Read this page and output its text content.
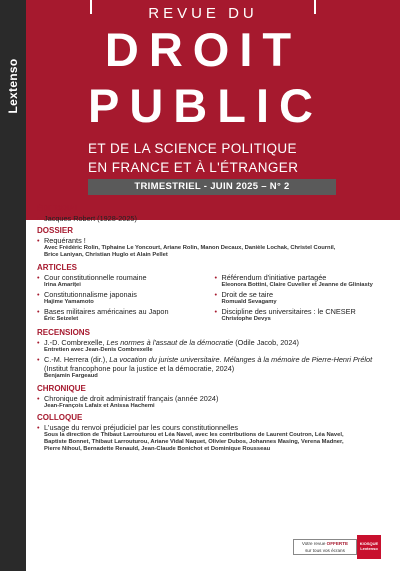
Lextenso
REVUE DU
DROIT
PUBLIC
ET DE LA SCIENCE POLITIQUE
EN FRANCE ET À L'ÉTRANGER
TRIMESTRIEL - JUIN 2025 – N° 2
ÉDITORIAL
• Jacques Robert (1928-2025)
DOSSIER
• Requérants !
Avec Frédéric Rolin, Tiphaine Le Yoncourt, Ariane Rolin, Manon Decaux, Danièle Lochak, Christel Cournil,
Brice Laniyan, Christian Huglo et Alain Pellet
ARTICLES
• Cour constitutionnelle roumaine
Irina Amariței
• Constitutionnalisme japonais
Hajime Yamamoto
• Bases militaires américaines au Japon
Éric Seizelet
• Référendum d'initiative partagée
Eleonora Bottini, Claire Cuvelier et Jeanne de Gliniasty
• Droit de se taire
Romuald Sevagamy
• Discipline des universitaires : le CNESER
Christophe Devys
RECENSIONS
• J.-D. Combrexelle, Les normes à l'assaut de la démocratie (Odile Jacob, 2024)
Entretien avec Jean-Denis Combrexelle
• C.-M. Herrera (dir.), La vocation du juriste universitaire. Mélanges à la mémoire de Pierre-Henri Prélot (Institut francophone pour la justice et la démocratie, 2024)
Benjamin Fargeaud
CHRONIQUE
• Chronique de droit administratif français (année 2024)
Jean-François Lafaix et Anissa Hachemi
COLLOQUE
• L'usage du renvoi préjudiciel par les cours constitutionnelles
Sous la direction de Thibaut Larrouturou et Léa Navel, avec les contributions de Laurent Coutron, Léa Navel,
Baptiste Bonnet, Thibaut Larrouturou, Ariane Vidal Naquet, Olivier Dubos, Johannes Masing, Verena Madner,
Pierre Nihoul, Bernadette Renauld, Jean-Claude Bonichot et Dominique Rousseau
Votre revue OFFERTE
sur tous vos écrans
KIOSQUE
Lextenso
